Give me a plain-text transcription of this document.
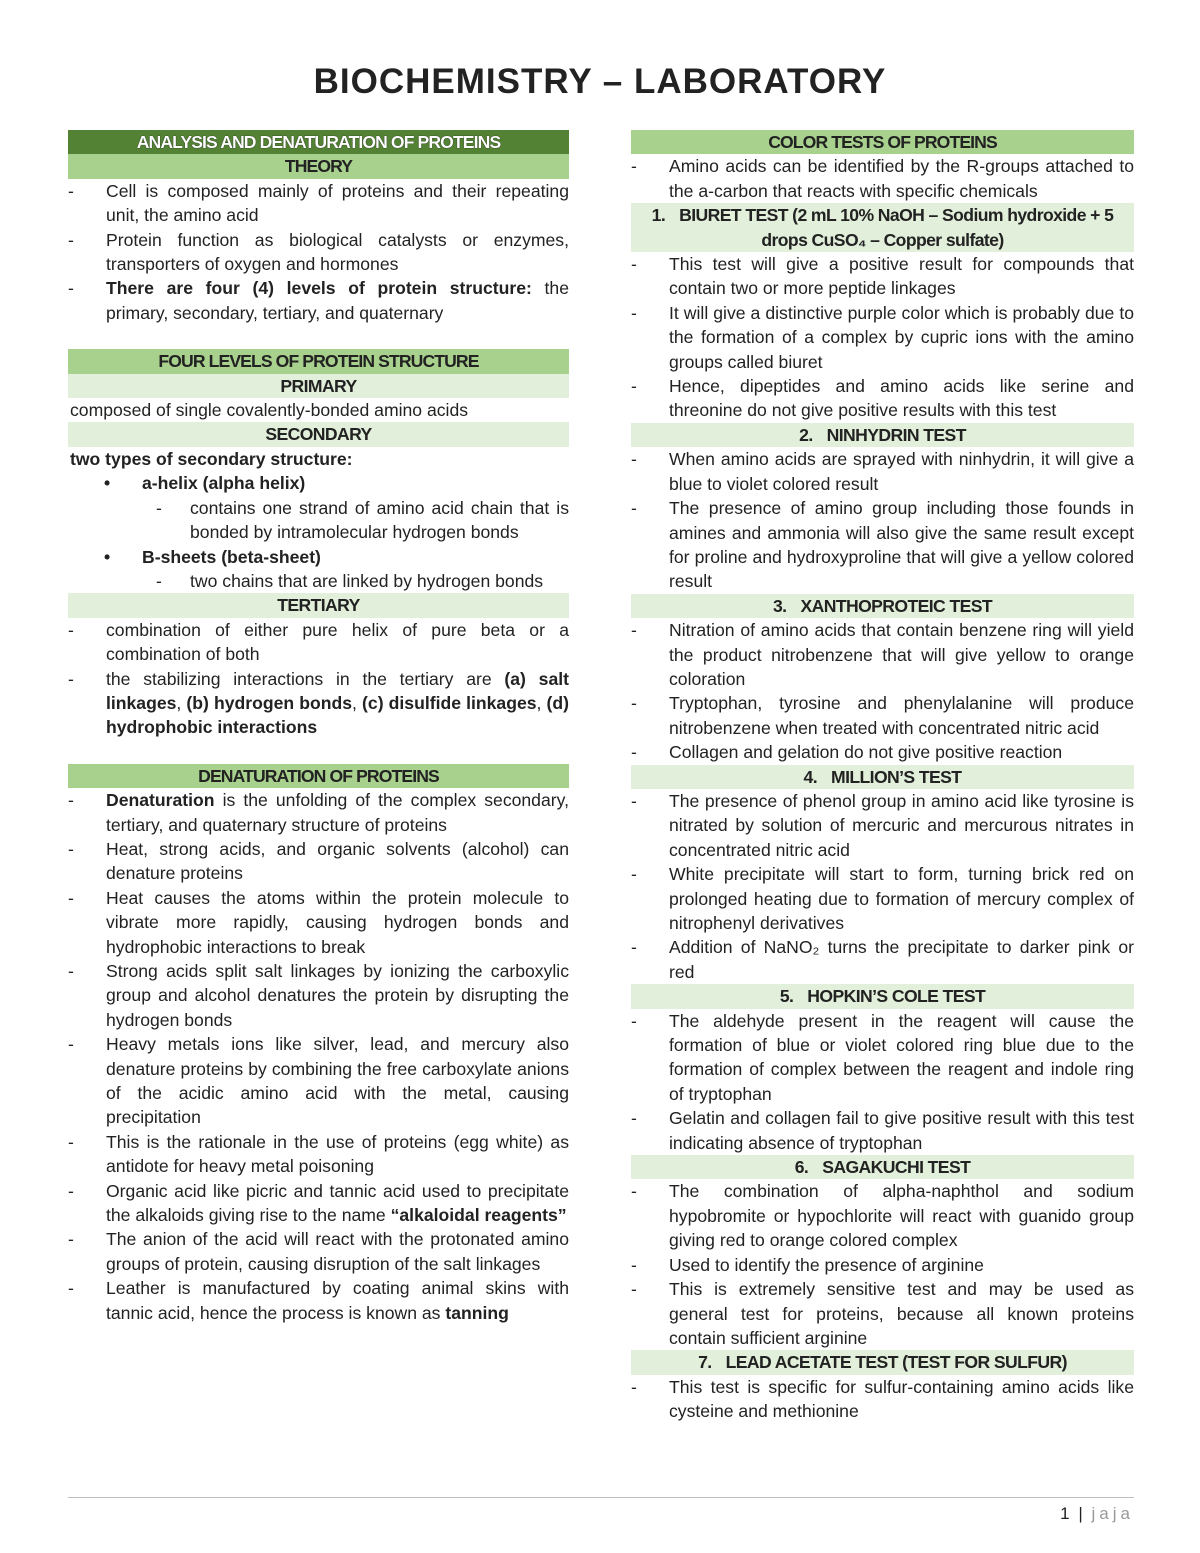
BIOCHEMISTRY – LABORATORY
ANALYSIS AND DENATURATION OF PROTEINS
THEORY
- Cell is composed mainly of proteins and their repeating unit, the amino acid
- Protein function as biological catalysts or enzymes, transporters of oxygen and hormones
- There are four (4) levels of protein structure: the primary, secondary, tertiary, and quaternary
FOUR LEVELS OF PROTEIN STRUCTURE
PRIMARY

composed of single covalently-bonded amino acids

SECONDARY

two types of secondary structure:

• a-helix (alpha helix)
- contains one strand of amino acid chain that is bonded by intramolecular hydrogen bonds
• B-sheets (beta-sheet)
- two chains that are linked by hydrogen bonds
TERTIARY
- combination of either pure helix of pure beta or a combination of both
- the stabilizing interactions in the tertiary are (a) salt linkages, (b) hydrogen bonds, (c) disulfide linkages, (d) hydrophobic interactions
DENATURATION OF PROTEINS
- Denaturation is the unfolding of the complex secondary, tertiary, and quaternary structure of proteins
- Heat, strong acids, and organic solvents (alcohol) can denature proteins
- Heat causes the atoms within the protein molecule to vibrate more rapidly, causing hydrogen bonds and hydrophobic interactions to break
- Strong acids split salt linkages by ionizing the carboxylic group and alcohol denatures the protein by disrupting the hydrogen bonds
- Heavy metals ions like silver, lead, and mercury also denature proteins by combining the free carboxylate anions of the acidic amino acid with the metal, causing precipitation
- This is the rationale in the use of proteins (egg white) as antidote for heavy metal poisoning
- Organic acid like picric and tannic acid used to precipitate the alkaloids giving rise to the name “alkaloidal reagents”
- The anion of the acid will react with the protonated amino groups of protein, causing disruption of the salt linkages
- Leather is manufactured by coating animal skins with tannic acid, hence the process is known as tanning
COLOR TESTS OF PROTEINS
- Amino acids can be identified by the R-groups attached to the a-carbon that reacts with specific chemicals
1. BIURET TEST (2 mL 10% NaOH – Sodium hydroxide + 5 drops CuSO₄ – Copper sulfate)
- This test will give a positive result for compounds that contain two or more peptide linkages
- It will give a distinctive purple color which is probably due to the formation of a complex by cupric ions with the amino groups called biuret
- Hence, dipeptides and amino acids like serine and threonine do not give positive results with this test
2. NINHYDRIN TEST
- When amino acids are sprayed with ninhydrin, it will give a blue to violet colored result
- The presence of amino group including those founds in amines and ammonia will also give the same result except for proline and hydroxyproline that will give a yellow colored result
3. XANTHOPROTEIC TEST
- Nitration of amino acids that contain benzene ring will yield the product nitrobenzene that will give yellow to orange coloration
- Tryptophan, tyrosine and phenylalanine will produce nitrobenzene when treated with concentrated nitric acid
- Collagen and gelation do not give positive reaction
4. MILLION’S TEST
- The presence of phenol group in amino acid like tyrosine is nitrated by solution of mercuric and mercurous nitrates in concentrated nitric acid
- White precipitate will start to form, turning brick red on prolonged heating due to formation of mercury complex of nitrophenyl derivatives
- Addition of NaNO₂ turns the precipitate to darker pink or red
5. HOPKIN’S COLE TEST
- The aldehyde present in the reagent will cause the formation of blue or violet colored ring blue due to the formation of complex between the reagent and indole ring of tryptophan
- Gelatin and collagen fail to give positive result with this test indicating absence of tryptophan
6. SAGAKUCHI TEST
- The combination of alpha-naphthol and sodium hypobromite or hypochlorite will react with guanido group giving red to orange colored complex
- Used to identify the presence of arginine
- This is extremely sensitive test and may be used as general test for proteins, because all known proteins contain sufficient arginine
7. LEAD ACETATE TEST (TEST FOR SULFUR)
- This test is specific for sulfur-containing amino acids like cysteine and methionine
1 | jaja
